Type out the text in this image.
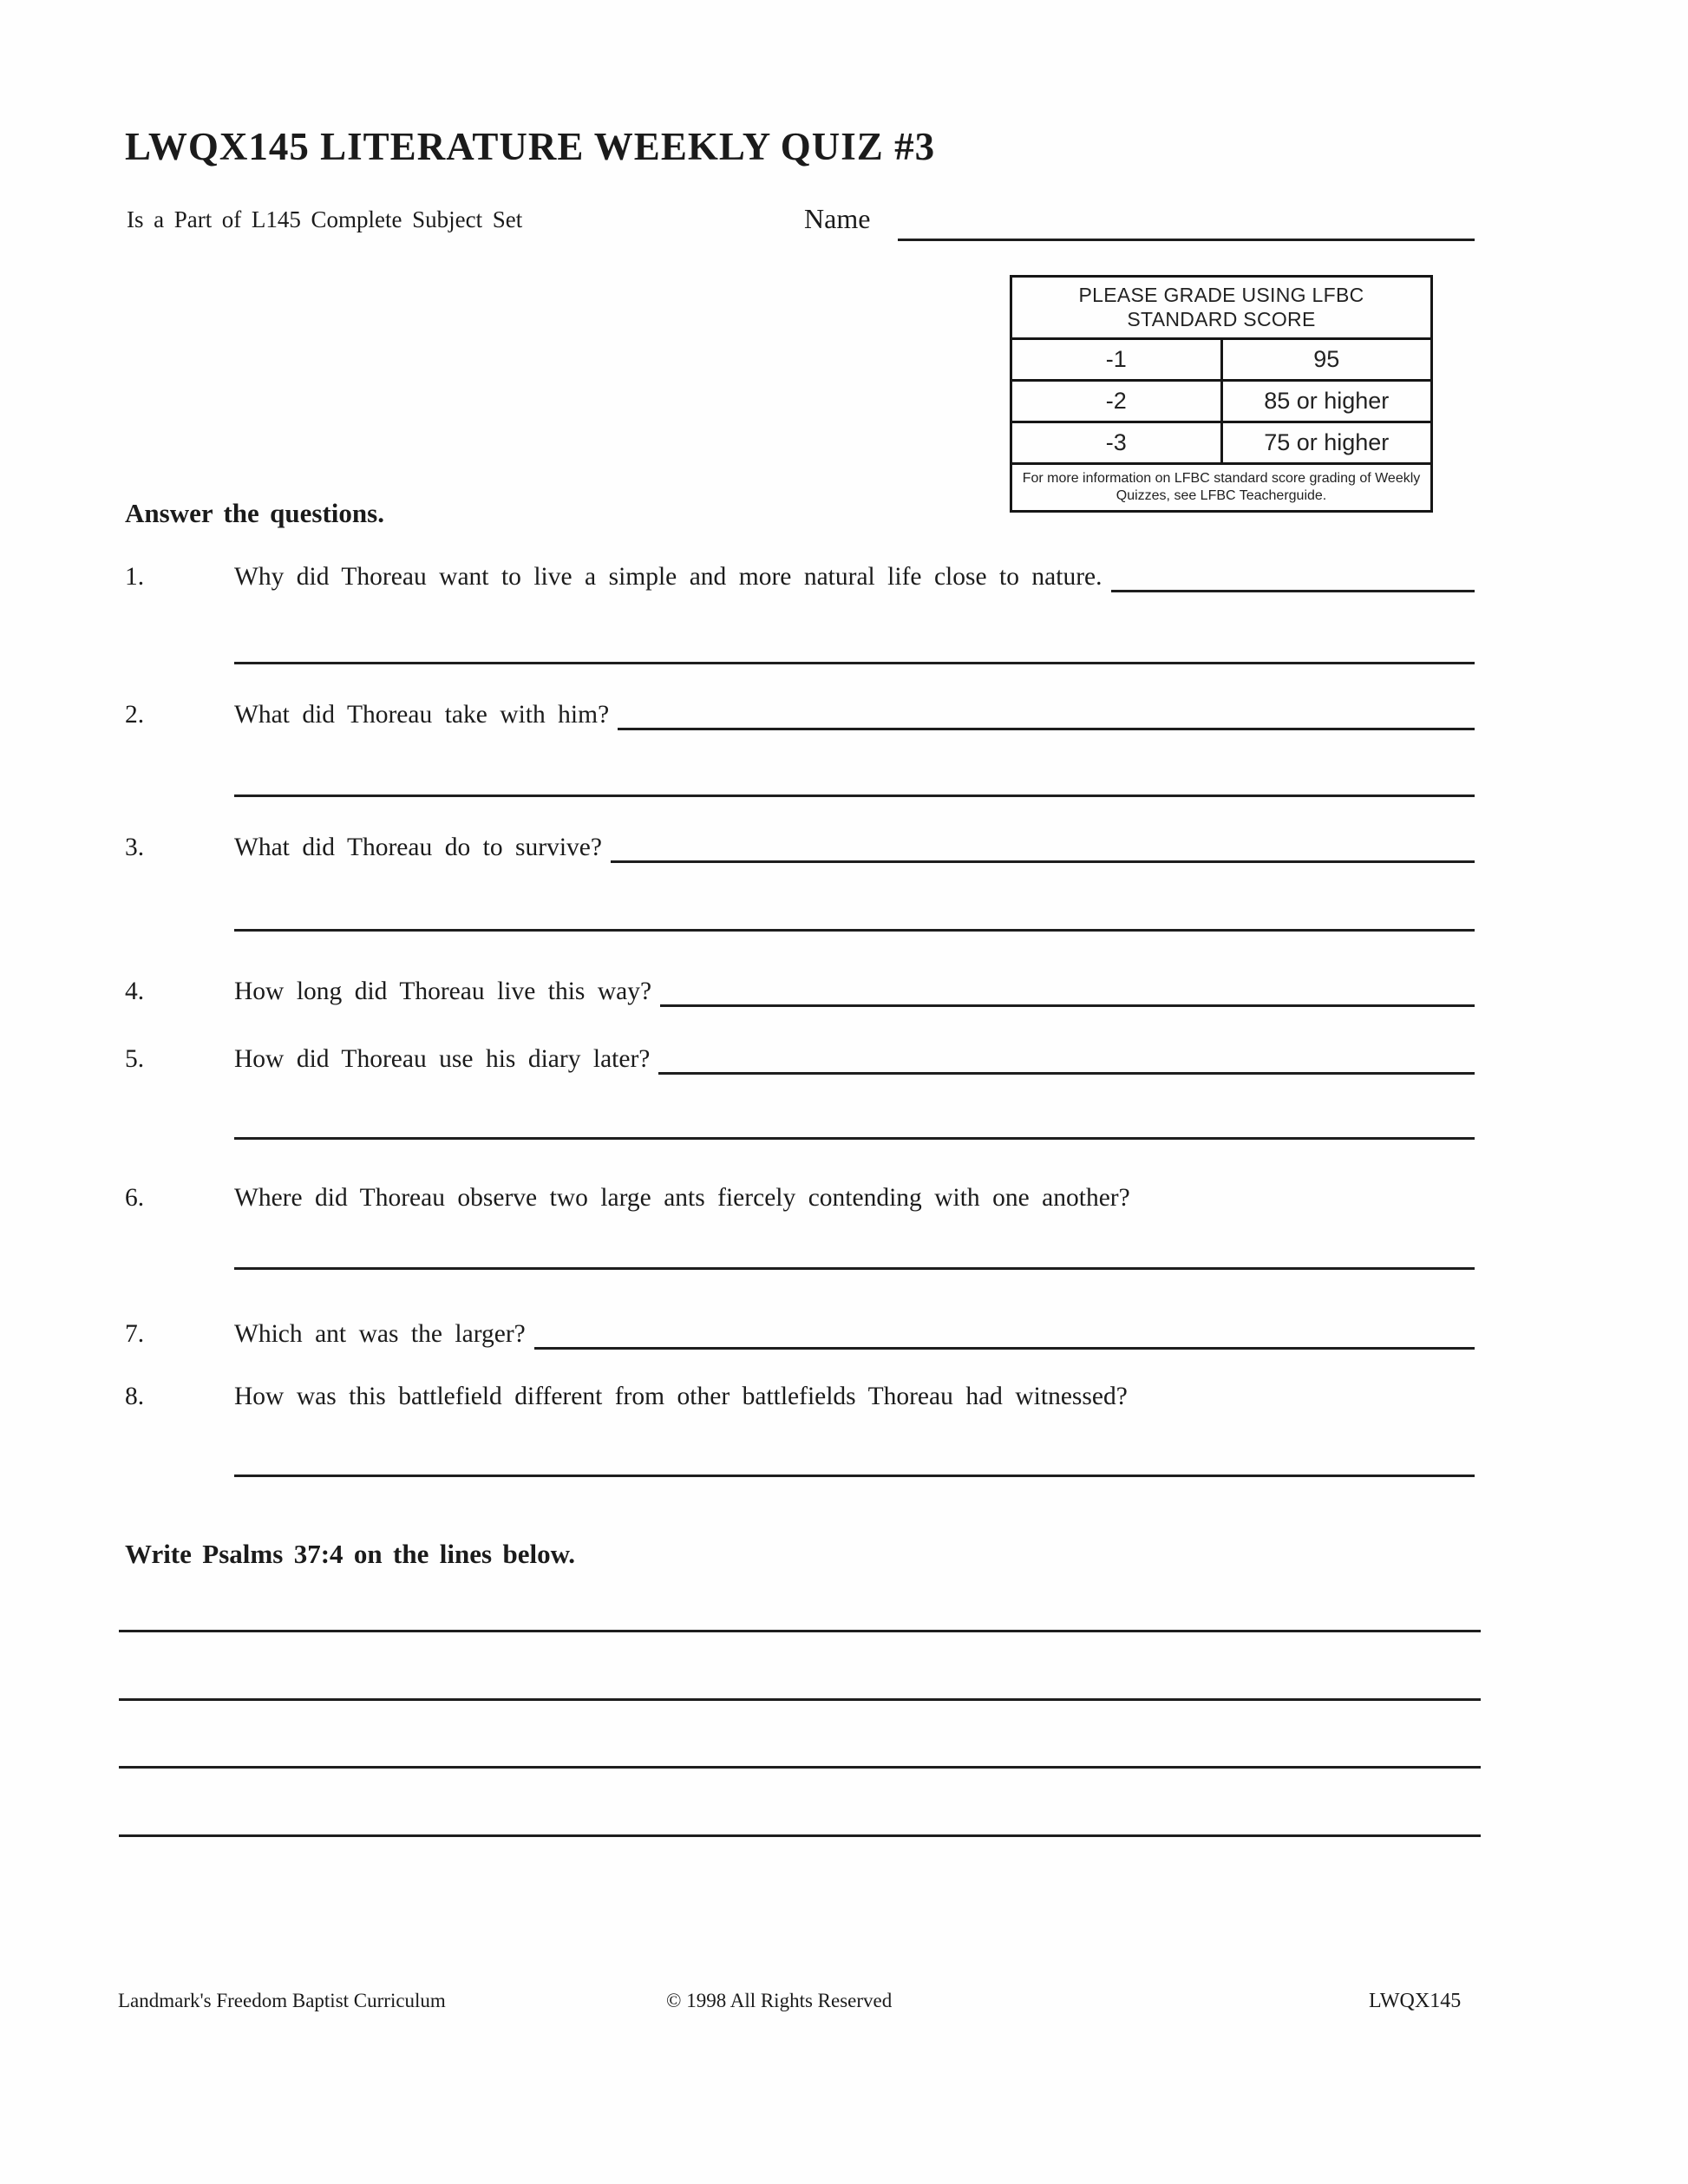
LWQX145 LITERATURE WEEKLY QUIZ #3
Is a Part of L145 Complete Subject Set	Name
PLEASE GRADE USING LFBC STANDARD SCORE	
-1	95
-2	85 or higher
-3	75 or higher
For more information on LFBC standard score grading of Weekly Quizzes, see LFBC Teacherguide.	
Answer the questions.
1.	Why did Thoreau want to live a simple and more natural life close to nature.
2.	What did Thoreau take with him?
3.	What did Thoreau do to survive?
4.	How long did Thoreau live this way?
5.	How did Thoreau use his diary later?
6.	Where did Thoreau observe two large ants fiercely contending with one another?
7.	Which ant was the larger?
8.	How was this battlefield different from other battlefields Thoreau had witnessed?
Write Psalms 37:4 on the lines below.
Landmark's Freedom Baptist Curriculum	© 1998 All Rights Reserved	LWQX145
